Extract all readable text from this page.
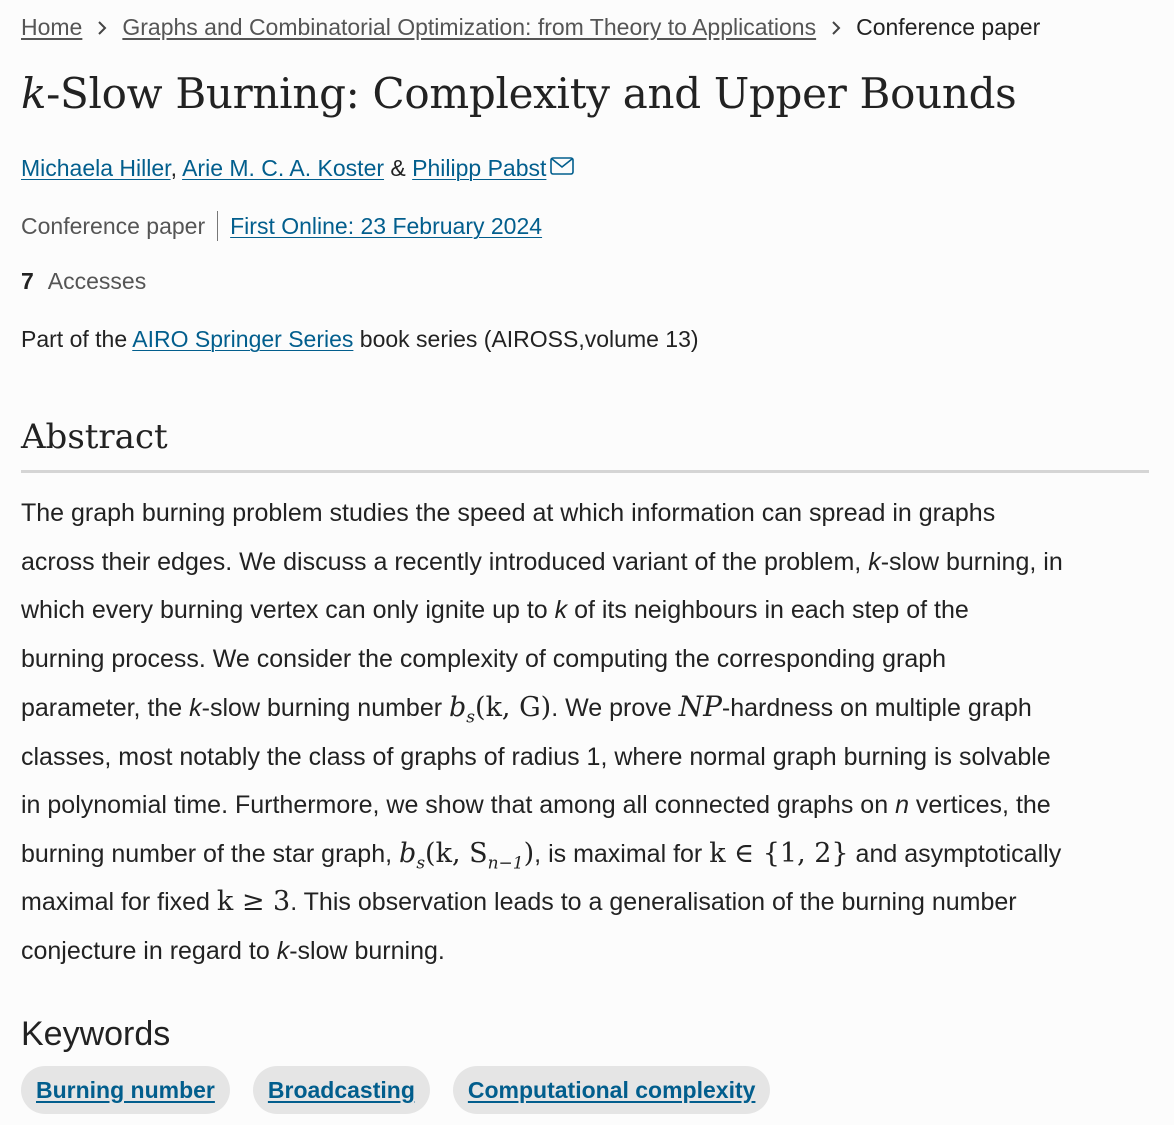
Home Graphs and Combinatorial Optimization: from Theory to Applications Conference paper
k-Slow Burning: Complexity and Upper Bounds
Michaela Hiller, Arie M. C. A. Koster & Philipp Pabst
Conference paper First Online: 23 February 2024
7 Accesses
Part of the AIRO Springer Series book series (AIROSS,volume 13)
Abstract

The graph burning problem studies the speed at which information can spread in graphs
across their edges. We discuss a recently introduced variant of the problem, k-slow burning, in
which every burning vertex can only ignite up to k of its neighbours in each step of the
burning process. We consider the complexity of computing the corresponding graph
parameter, the k-slow burning number $b_s(k$, G). We prove NP-hardness on multiple graph
classes, most notably the class of graphs of radius 1, where normal graph burning is solvable
in polynomial time. Furthermore, we show that among all connected graphs on n vertices, the
burning number of the star graph, $b_s(k$, $S_{n-1}$), is maximal for k ∈ {1, 2} and asymptotically
maximal for fixed k ≥ 3. This observation leads to a generalisation of the burning number
conjecture in regard to k-slow burning.

Keywords
Burning number	Broadcasting	Computational complexity
